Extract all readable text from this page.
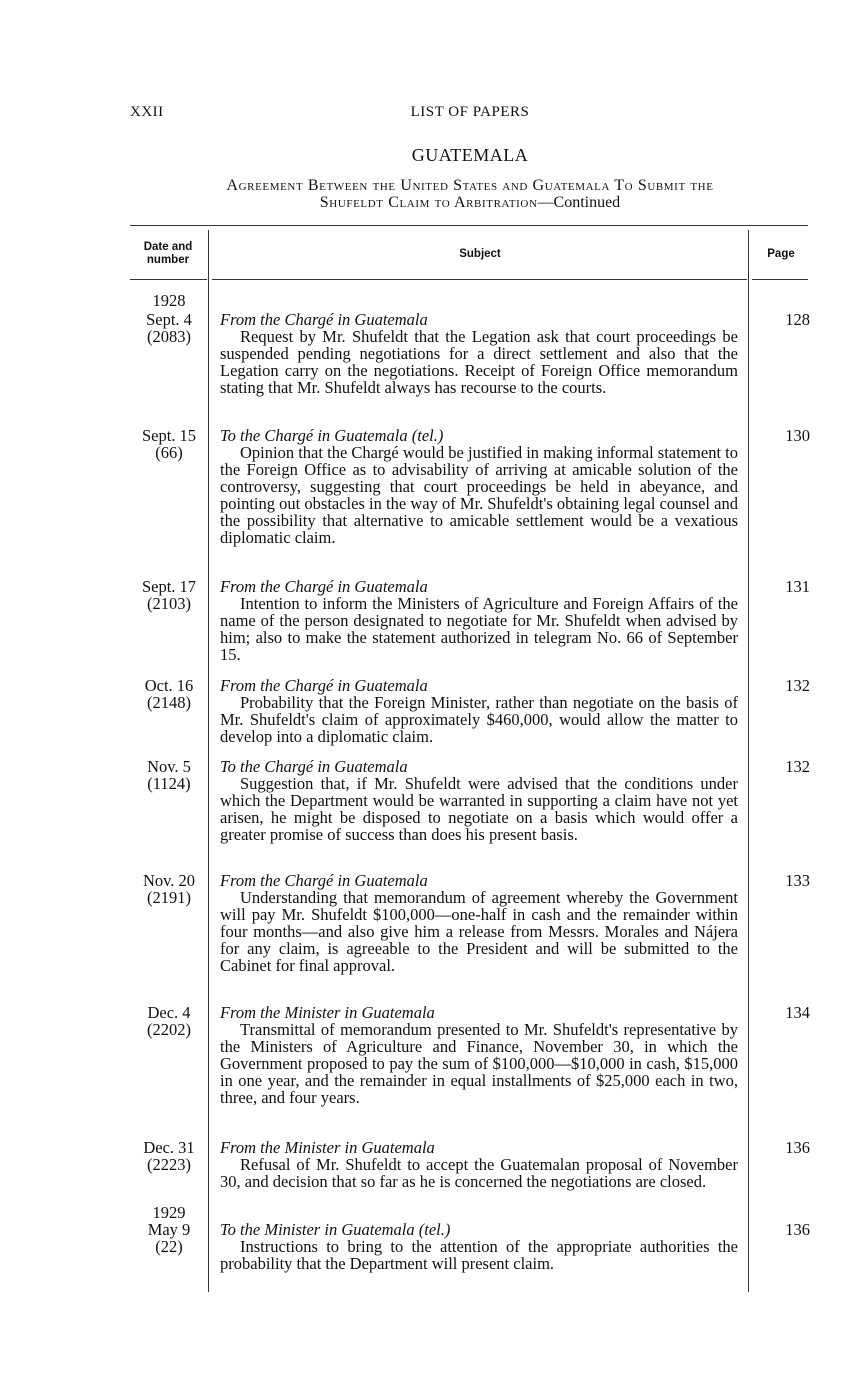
XXII	LIST OF PAPERS
GUATEMALA
Agreement Between the United States and Guatemala To Submit the
Shufeldt Claim to Arbitration—Continued
Date and number
Subject	Page
1928
Sept. 4
(2083)
From the Chargé in Guatemala
Request by Mr. Shufeldt that the Legation ask that court proceedings be suspended pending negotiations for a direct settlement and also that the Legation carry on the negotiations. Receipt of Foreign Office memorandum stating that Mr. Shufeldt always has recourse to the courts.
128
Sept. 15
(66)
To the Chargé in Guatemala (tel.)
Opinion that the Chargé would be justified in making informal statement to the Foreign Office as to advisability of arriving at amicable solution of the controversy, suggesting that court proceedings be held in abeyance, and pointing out obstacles in the way of Mr. Shufeldt's obtaining legal counsel and the possibility that alternative to amicable settlement would be a vexatious diplomatic claim.
130
Sept. 17
(2103)
From the Chargé in Guatemala
Intention to inform the Ministers of Agriculture and Foreign Affairs of the name of the person designated to negotiate for Mr. Shufeldt when advised by him; also to make the statement authorized in telegram No. 66 of September 15.
131
Oct. 16
(2148)
From the Chargé in Guatemala
Probability that the Foreign Minister, rather than negotiate on the basis of Mr. Shufeldt's claim of approximately $460,000, would allow the matter to develop into a diplomatic claim.
132
Nov. 5
(1124)
To the Chargé in Guatemala
Suggestion that, if Mr. Shufeldt were advised that the conditions under which the Department would be warranted in supporting a claim have not yet arisen, he might be disposed to negotiate on a basis which would offer a greater promise of success than does his present basis.
132
Nov. 20
(2191)
From the Chargé in Guatemala
Understanding that memorandum of agreement whereby the Government will pay Mr. Shufeldt $100,000—one-half in cash and the remainder within four months—and also give him a release from Messrs. Morales and Nájera for any claim, is agreeable to the President and will be submitted to the Cabinet for final approval.
133
Dec. 4
(2202)
From the Minister in Guatemala
Transmittal of memorandum presented to Mr. Shufeldt's representative by the Ministers of Agriculture and Finance, November 30, in which the Government proposed to pay the sum of $100,000—$10,000 in cash, $15,000 in one year, and the remainder in equal installments of $25,000 each in two, three, and four years.
134
Dec. 31
(2223)
From the Minister in Guatemala
Refusal of Mr. Shufeldt to accept the Guatemalan proposal of November 30, and decision that so far as he is concerned the negotiations are closed.
136
1929
May 9
(22)
To the Minister in Guatemala (tel.)
Instructions to bring to the attention of the appropriate authorities the probability that the Department will present claim.
136
